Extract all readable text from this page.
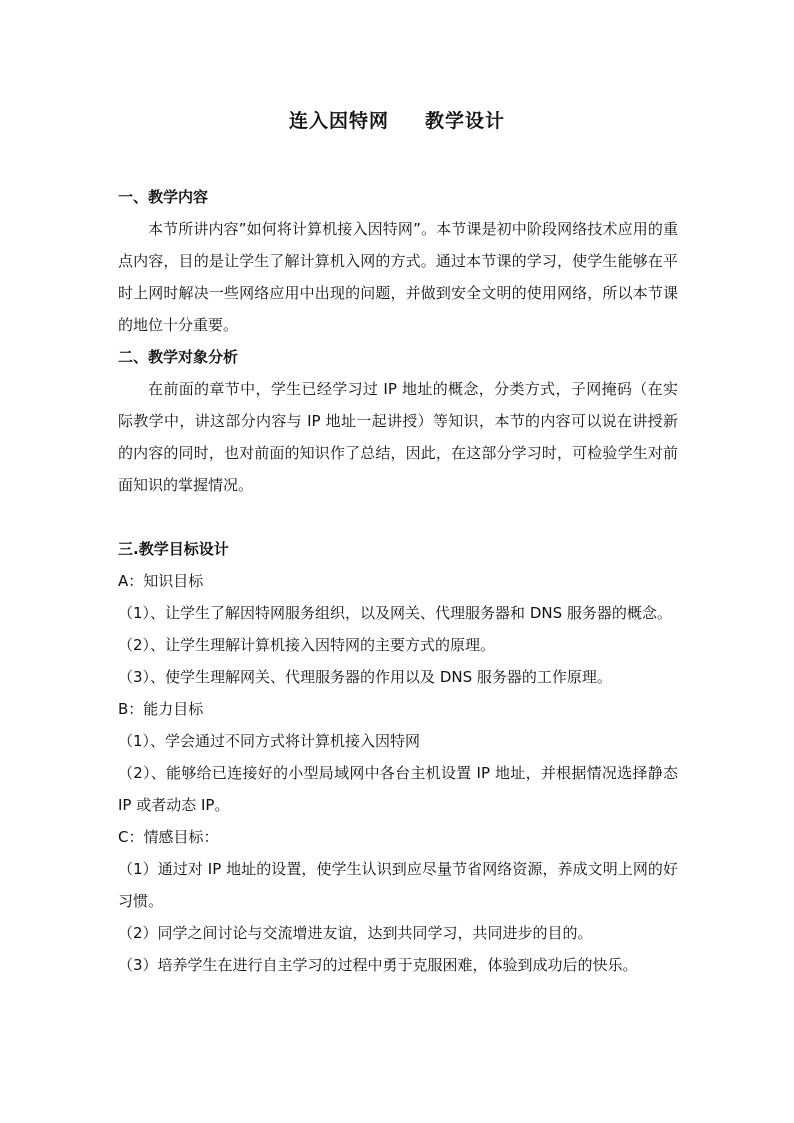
连入因特网 教学设计

一、教学内容

本节所讲内容”如何将计算机接入因特网”。本节课是初中阶段网络技术应用的重点内容，目的是让学生了解计算机入网的方式。通过本节课的学习，使学生能够在平时上网时解决一些网络应用中出现的问题，并做到安全文明的使用网络，所以本节课的地位十分重要。

二、教学对象分析

在前面的章节中，学生已经学习过 IP 地址的概念，分类方式，子网掩码（在实际教学中，讲这部分内容与 IP 地址一起讲授）等知识，本节的内容可以说在讲授新的内容的同时，也对前面的知识作了总结，因此，在这部分学习时，可检验学生对前面知识的掌握情况。

三.教学目标设计

A：知识目标

（1）、让学生了解因特网服务组织，以及网关、代理服务器和 DNS 服务器的概念。

（2）、让学生理解计算机接入因特网的主要方式的原理。

（3）、使学生理解网关、代理服务器的作用以及 DNS 服务器的工作原理。

B：能力目标

（1）、学会通过不同方式将计算机接入因特网

（2）、能够给已连接好的小型局域网中各台主机设置 IP 地址，并根据情况选择静态 IP 或者动态 IP。

C：情感目标：

（1）通过对 IP 地址的设置，使学生认识到应尽量节省网络资源，养成文明上网的好习惯。

（2）同学之间讨论与交流增进友谊，达到共同学习，共同进步的目的。

（3）培养学生在进行自主学习的过程中勇于克服困难，体验到成功后的快乐。
